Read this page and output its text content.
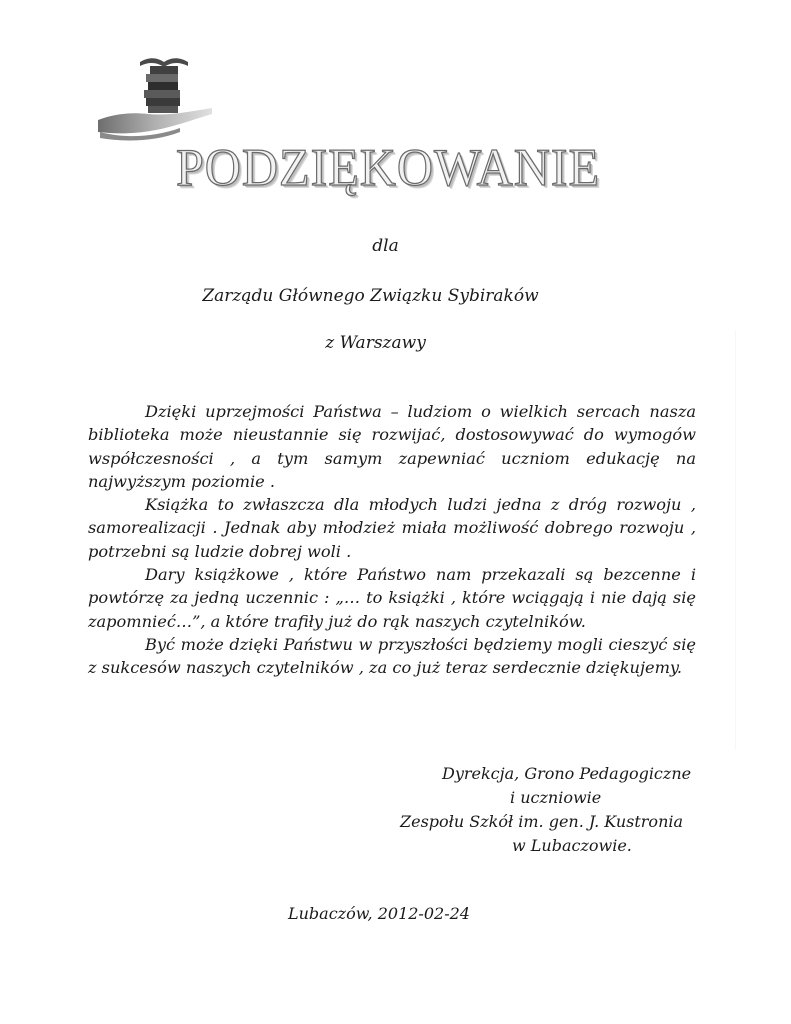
PODZIĘKOWANIE
dla
Zarządu Głównego Związku Sybiraków
z Warszawy

Dzięki uprzejmości Państwa – ludziom o wielkich sercach nasza biblioteka może nieustannie się rozwijać, dostosowywać do wymogów współczesności , a tym samym zapewniać uczniom edukację na najwyższym poziomie .

Książka to zwłaszcza dla młodych ludzi jedna z dróg rozwoju , samorealizacji . Jednak aby młodzież miała możliwość dobrego rozwoju , potrzebni są ludzie dobrej woli .

Dary książkowe , które Państwo nam przekazali są bezcenne i powtórzę za jedną uczennic : „… to książki , które wciągają i nie dają się zapomnieć…”, a które trafiły już do rąk naszych czytelników.

Być może dzięki Państwu w przyszłości będziemy mogli cieszyć się z sukcesów naszych czytelników , za co już teraz serdecznie dziękujemy.

Dyrekcja, Grono Pedagogiczne
i uczniowie
Zespołu Szkół im. gen. J. Kustronia
w Lubaczowie.
Lubaczów, 2012-02-24
